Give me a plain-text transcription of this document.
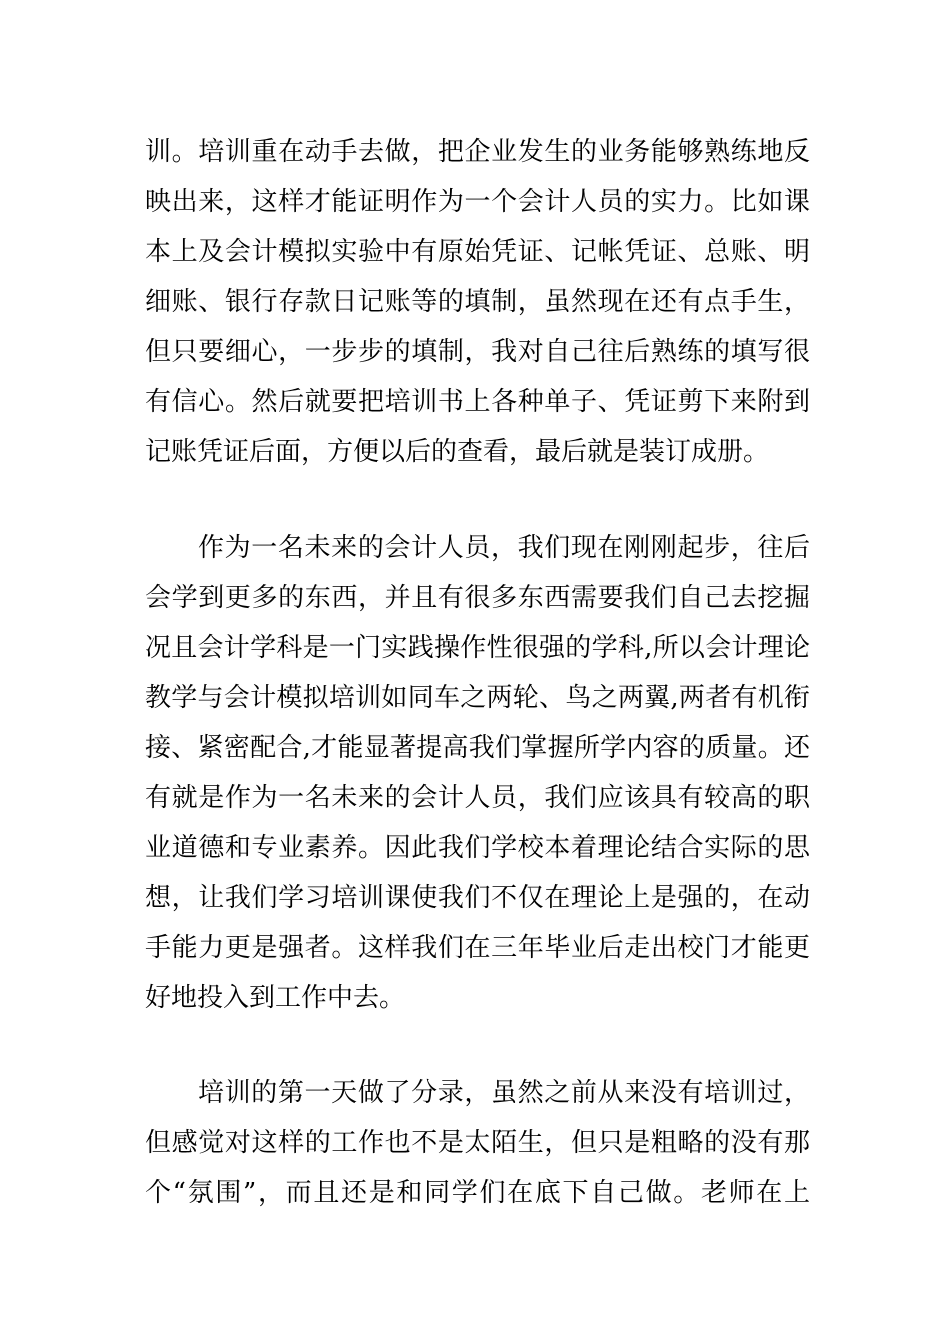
训。培训重在动手去做，把企业发生的业务能够熟练地反
映出来，这样才能证明作为一个会计人员的实力。比如课
本上及会计模拟实验中有原始凭证、记帐凭证、总账、明
细账、银行存款日记账等的填制，虽然现在还有点手生，
但只要细心，一步步的填制，我对自己往后熟练的填写很
有信心。然后就要把培训书上各种单子、凭证剪下来附到
记账凭证后面，方便以后的查看，最后就是装订成册。
作为一名未来的会计人员，我们现在刚刚起步，往后
会学到更多的东西，并且有很多东西需要我们自己去挖掘
况且会计学科是一门实践操作性很强的学科,所以会计理论
教学与会计模拟培训如同车之两轮、鸟之两翼,两者有机衔
接、紧密配合,才能显著提高我们掌握所学内容的质量。还
有就是作为一名未来的会计人员，我们应该具有较高的职
业道德和专业素养。因此我们学校本着理论结合实际的思
想，让我们学习培训课使我们不仅在理论上是强的，在动
手能力更是强者。这样我们在三年毕业后走出校门才能更
好地投入到工作中去。
培训的第一天做了分录，虽然之前从来没有培训过，
但感觉对这样的工作也不是太陌生，但只是粗略的没有那
个“氛围”，而且还是和同学们在底下自己做。老师在上
